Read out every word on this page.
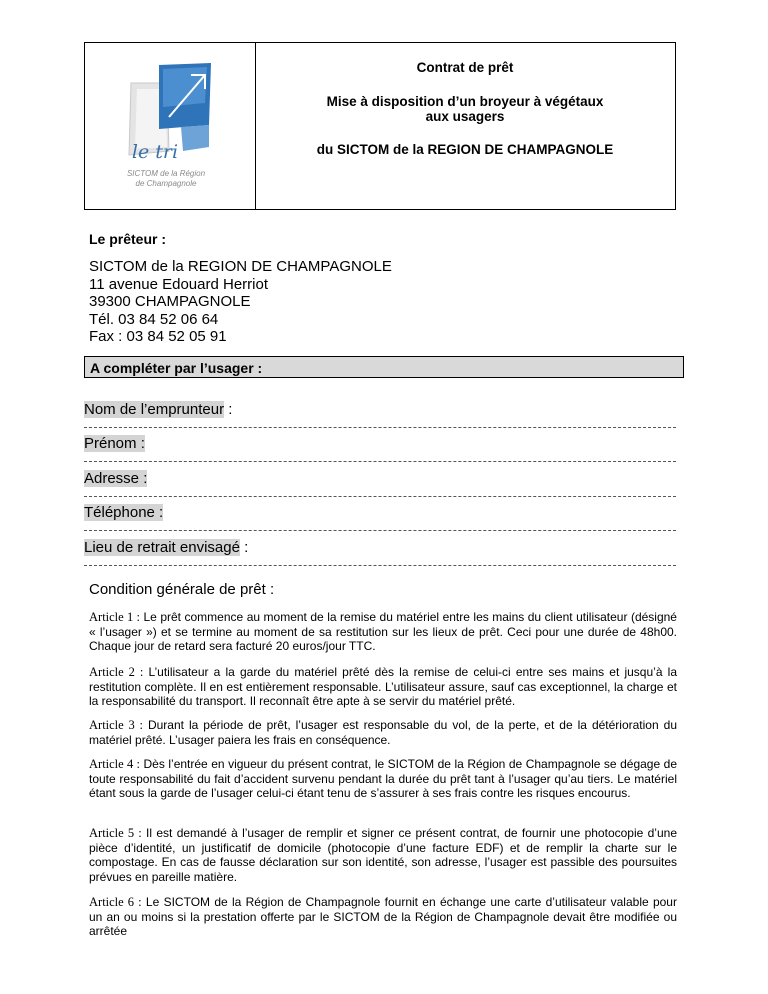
le tri
SICTOM de la Région
de Champagnole
Contrat de prêt
Mise à disposition d’un broyeur à végétaux
aux usagers
du SICTOM de la REGION DE CHAMPAGNOLE
Le prêteur :
SICTOM de la REGION DE CHAMPAGNOLE
11 avenue Edouard Herriot
39300 CHAMPAGNOLE
Tél. 03 84 52 06 64
Fax : 03 84 52 05 91
A compléter par l’usager :
Nom de l’emprunteur :
Prénom :
Adresse :
Téléphone :
Lieu de retrait envisagé :
Condition générale de prêt :
Article 1 : Le prêt commence au moment de la remise du matériel entre les mains du client utilisateur (désigné « l’usager ») et se termine au moment de sa restitution sur les lieux de prêt. Ceci pour une durée de 48h00. Chaque jour de retard sera facturé 20 euros/jour TTC.
Article 2 : L’utilisateur a la garde du matériel prêté dès la remise de celui-ci entre ses mains et jusqu’à la restitution complète. Il en est entièrement responsable. L’utilisateur assure, sauf cas exceptionnel, la charge et la responsabilité du transport. Il reconnaît être apte à se servir du matériel prêté.
Article 3 : Durant la période de prêt, l’usager est responsable du vol, de la perte, et de la détérioration du matériel prêté. L’usager paiera les frais en conséquence.
Article 4 : Dès l’entrée en vigueur du présent contrat, le SICTOM de la Région de Champagnole se dégage de toute responsabilité du fait d’accident survenu pendant la durée du prêt tant à l’usager qu’au tiers. Le matériel étant sous la garde de l’usager celui-ci étant tenu de s’assurer à ses frais contre les risques encourus.
Article 5 : Il est demandé à l’usager de remplir et signer ce présent contrat, de fournir une photocopie d’une pièce d’identité, un justificatif de domicile (photocopie d’une facture EDF) et de remplir la charte sur le compostage. En cas de fausse déclaration sur son identité, son adresse, l’usager est passible des poursuites prévues en pareille matière.
Article 6 : Le SICTOM de la Région de Champagnole fournit en échange une carte d’utilisateur valable pour un an ou moins si la prestation offerte par le SICTOM de la Région de Champagnole devait être modifiée ou arrêtée
